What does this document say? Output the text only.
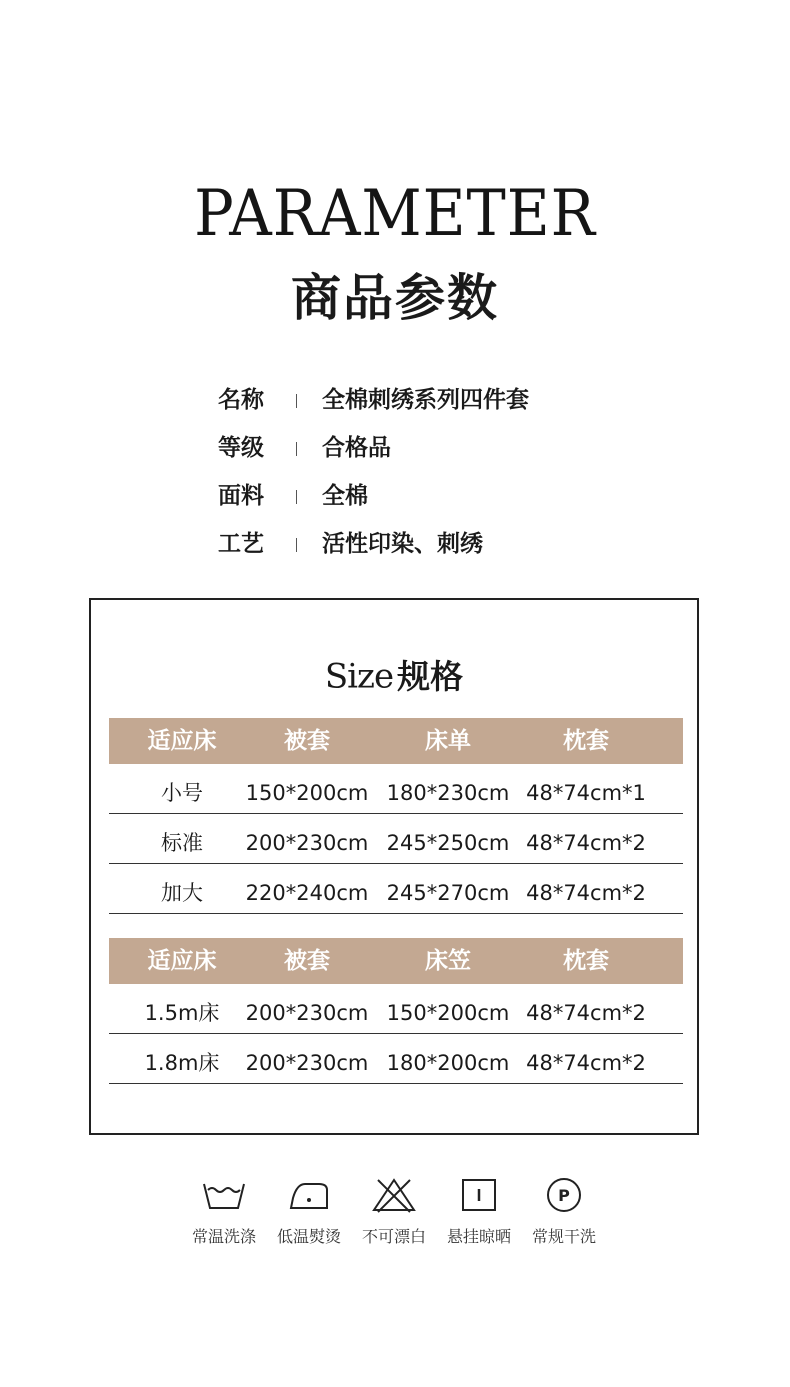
PARAMETER
商品参数
名称	全棉刺绣系列四件套
等级	合格品
面料	全棉
工艺	活性印染、刺绣
Size 规格
适应床	被套	床单	枕套
小号	150*200cm 180*230cm 48*74cm*1
标准	200*230cm 245*250cm 48*74cm*2
加大	220*240cm 245*270cm 48*74cm*2
适应床	被套	床笠	枕套
1.5m床	200*230cm 150*200cm 48*74cm*2
1.8m床	200*230cm 180*200cm 48*74cm*2
常温洗涤	低温熨烫	不可漂白	悬挂晾晒
P
常规干洗
